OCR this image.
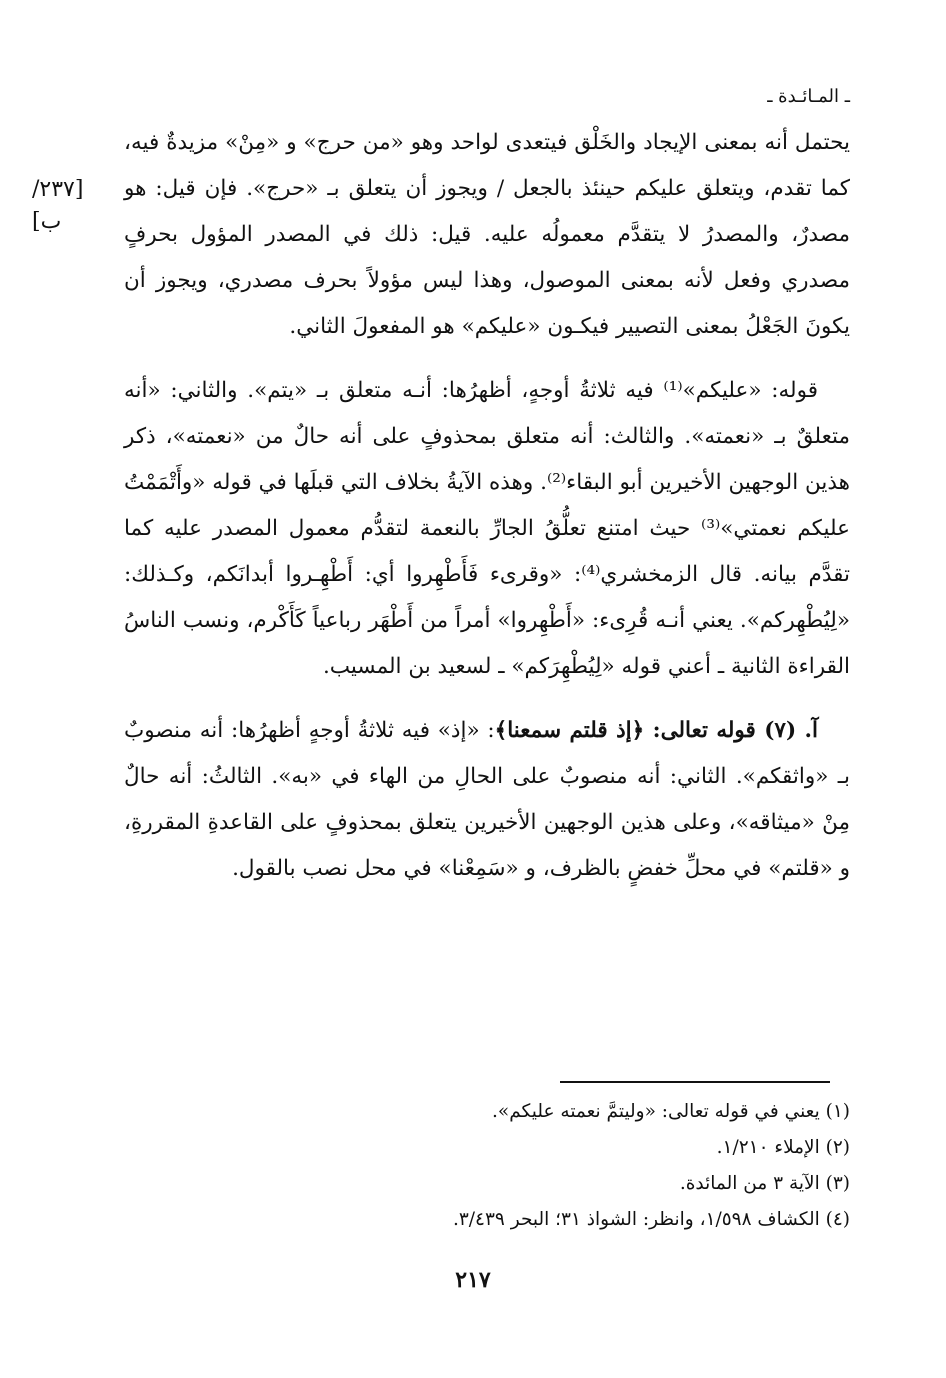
ـ المـائـدة ـ
[٢٣٧/ب]

يحتمل أنه بمعنى الإيجاد والخَلْق فيتعدى لواحد وهو «من حرج» و «مِنْ» مزيدةٌ فيه، كما تقدم، ويتعلق عليكم حينئذ بالجعل / ويجوز أن يتعلق بـ «حرج». فإن قيل: هو مصدرٌ، والمصدرُ لا يتقدَّم معمولُه عليه. قيل: ذلك في المصدر المؤول بحرفٍ مصدري وفعل لأنه بمعنى الموصول، وهذا ليس مؤولاً بحرف مصدري، ويجوز أن يكونَ الجَعْلُ بمعنى التصيير فيكـون «عليكم» هو المفعولَ الثاني.

قوله: «عليكم»⁽¹⁾ فيه ثلاثةُ أوجهٍ، أظهرُها: أنـه متعلق بـ «يتم». والثاني: «أنه متعلقٌ بـ «نعمته». والثالث: أنه متعلق بمحذوفٍ على أنه حالٌ من «نعمته»، ذكر هذين الوجهين الأخيرين أبو البقاء⁽²⁾. وهذه الآيةُ بخلاف التي قبلَها في قوله «وأَتْمَمْتُ عليكم نعمتي»⁽³⁾ حيث امتنع تعلُّقُ الجارِّ بالنعمة لتقدُّم معمول المصدر عليه كما تقدَّم بيانه. قال الزمخشري⁽⁴⁾: «وقرىء فَأَطْهِروا أي: أَطْهِـروا أبدانَكم، وكـذلك: «لِيُطْهِركم». يعني أنـه قُرِىء: «أَطْهِروا» أمراً من أَطْهَر رباعياً كَأَكْرم، ونسب الناسُ القراءة الثانية ـ أعني قوله «لِيُطْهِرَكم» ـ لسعيد بن المسيب.

آ. (٧) قوله تعالى: ﴿إذ قلتم سمعنا﴾: «إذ» فيه ثلاثةُ أوجهٍ أظهرُها: أنه منصوبٌ بـ «واثقكم». الثاني: أنه منصوبٌ على الحالِ من الهاء في «به». الثالثُ: أنه حالٌ مِنْ «ميثاقه»، وعلى هذين الوجهين الأخيرين يتعلق بمحذوفٍ على القاعدةِ المقررةِ، و «قلتم» في محلِّ خفضٍ بالظرف، و «سَمِعْنا» في محل نصب بالقول.

(١) يعني في قوله تعالى: «وليتمَّ نعمته عليكم».

(٢) الإملاء ١/٢١٠.

(٣) الآية ٣ من المائدة.

(٤) الكشاف ١/٥٩٨، وانظر: الشواذ ٣١؛ البحر ٣/٤٣٩.

٢١٧
